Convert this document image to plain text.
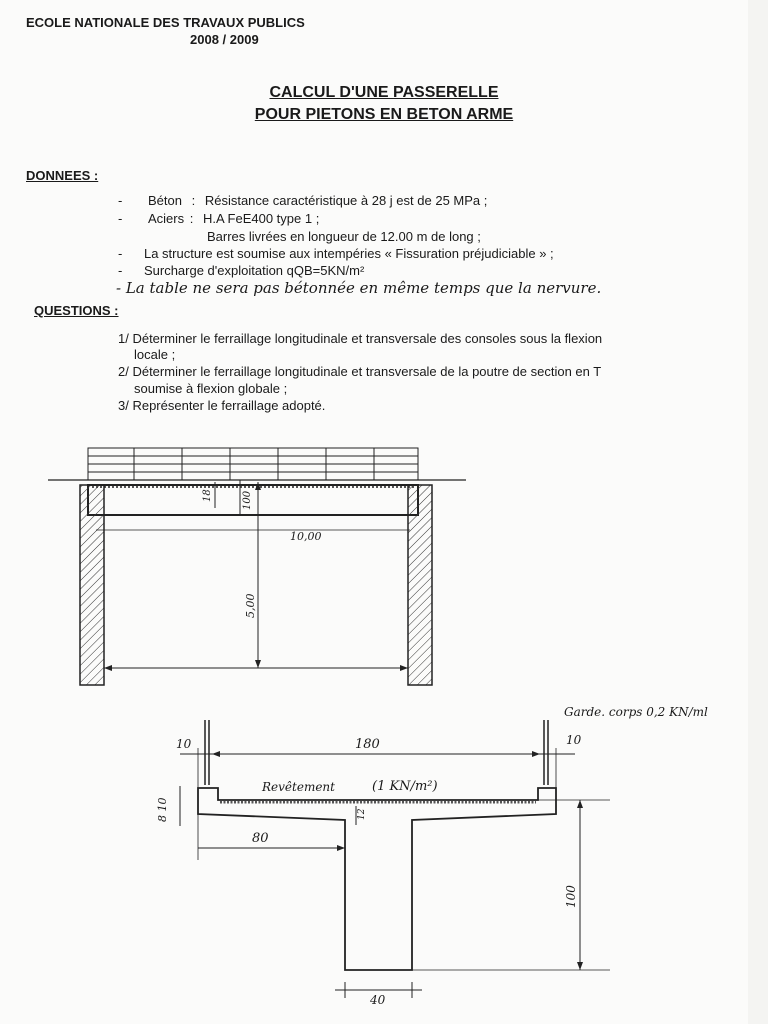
ECOLE NATIONALE DES TRAVAUX PUBLICS
2008 / 2009
CALCUL D'UNE PASSERELLE
POUR PIETONS EN BETON ARME
DONNEES :
- Béton : Résistance caractéristique à 28 j est de 25 MPa ;
- Aciers : H.A FeE400 type 1 ;
Barres livrées en longueur de 12.00 m de long ;
- La structure est soumise aux intempéries « Fissuration préjudiciable » ;
- Surcharge d'exploitation qQB=5KN/m²
- La table ne sera pas bétonnée en même temps que la nervure.
QUESTIONS :
1/ Déterminer le ferraillage longitudinale et transversale des consoles sous la flexion
locale ;
2/ Déterminer le ferraillage longitudinale et transversale de la poutre de section en T
soumise à flexion globale ;
3/ Représenter le ferraillage adopté.
18	100
10,00
5,00
Garde. corps 0,2 KN/ml
10	180	10
8 10
Revêtement	(1 KN/m²)
12
80
100
40
